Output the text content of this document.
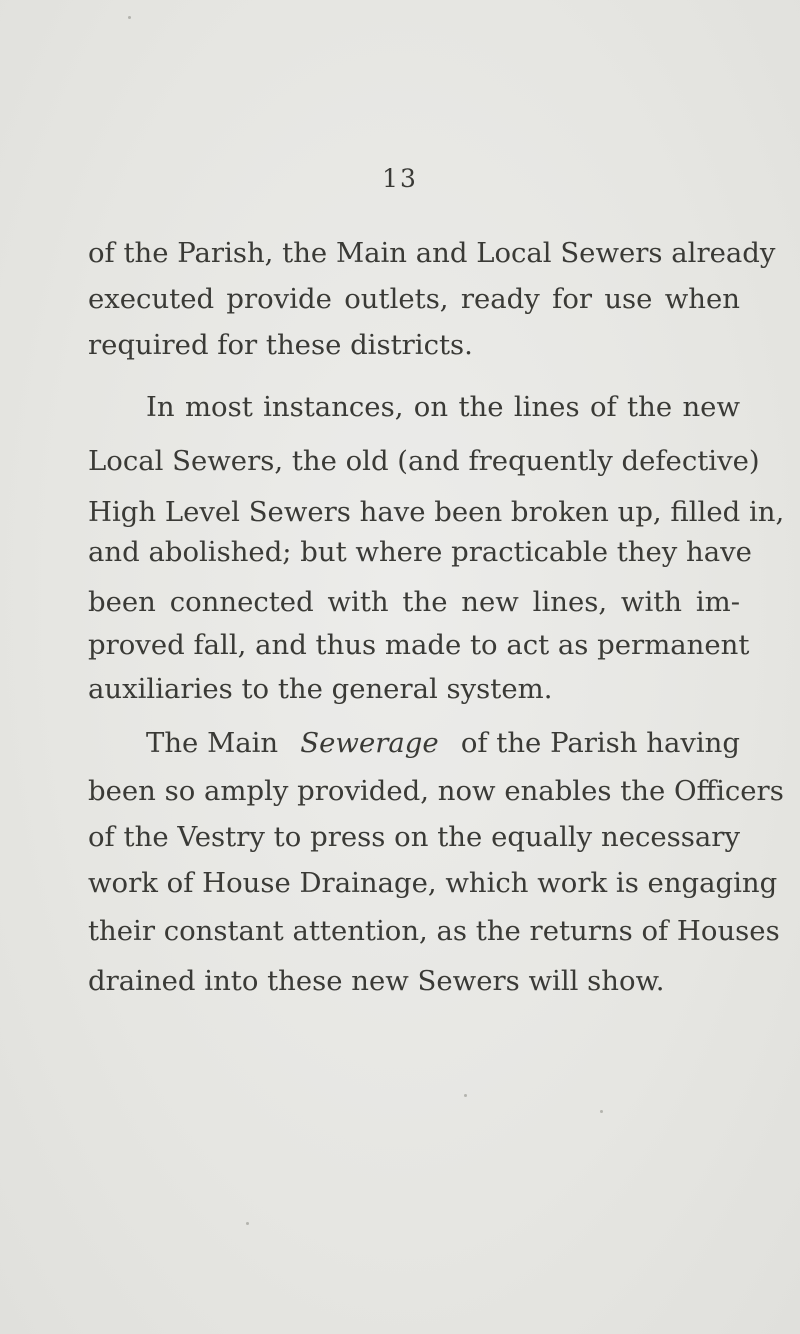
13
of the Parish, the Main and Local Sewers already
executed provide outlets, ready for use when
required for these districts.
In most instances, on the lines of the new
Local Sewers, the old (and frequently defective)
High Level Sewers have been broken up, filled in,
and abolished; but where practicable they have
been connected with the new lines, with im-
proved fall, and thus made to act as permanent
auxiliaries to the general system.
The Main Sewerage of the Parish having
been so amply provided, now enables the Officers
of the Vestry to press on the equally necessary
work of House Drainage, which work is engaging
their constant attention, as the returns of Houses
drained into these new Sewers will show.
